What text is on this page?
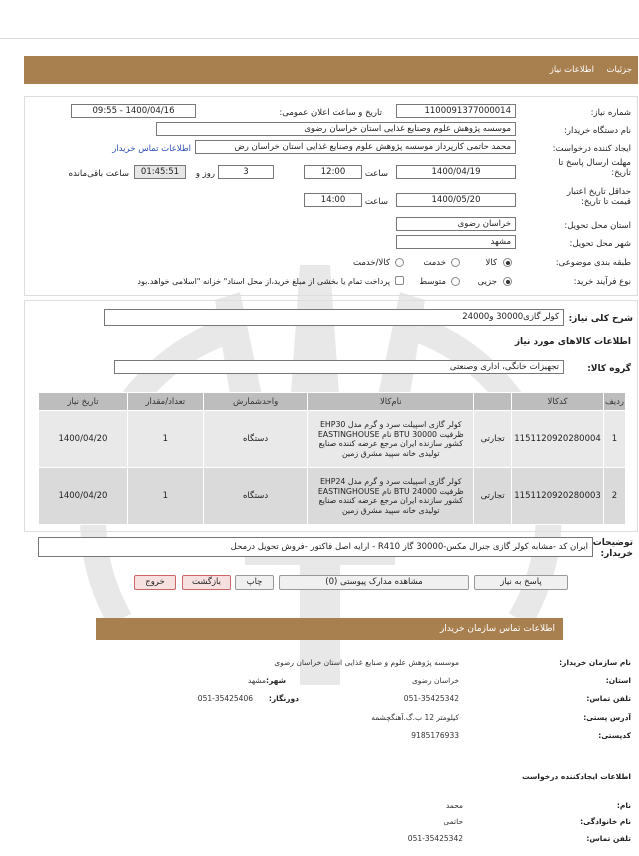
جزئیات
اطلاعات نیاز
شماره نیاز:
1100091377000014
تاریخ و ساعت اعلان عمومی:
1400/04/16 - 09:55
نام دستگاه خریدار:
موسسه پژوهش علوم وصنایع غذایی استان خراسان رضوی
ایجاد کننده درخواست:
محمد حاتمی کارپرداز موسسه پژوهش علوم وصنایع غذایی استان خراسان رض
اطلاعات تماس خریدار
مهلت ارسال پاسخ تا تاریخ:
1400/04/19
ساعت
12:00
3
روز و
01:45:51
ساعت باقی‌مانده
حداقل تاریخ اعتبار قیمت تا تاریخ:
1400/05/20
ساعت
14:00
استان محل تحویل:
خراسان رضوی
شهر محل تحویل:
مشهد
طبقه بندی موضوعی:
کالا
خدمت
کالا/خدمت
نوع فرآیند خرید:
جزیی
متوسط
پرداخت تمام یا بخشی از مبلغ خرید،از محل اسناد" خزانه "اسلامی خواهد.بود
شرح کلی نیاز:
کولر گازی30000 و24000
اطلاعات کالاهای مورد نیاز
گروه کالا:
تجهیزات خانگی، اداری وصنعتی
ردیف	کدکالا		نام‌کالا	واحدشمارش	تعداد/مقدار	تاریخ نیاز
1	1151120920280004	تجارتی	کولر گازی اسپیلت سرد و گرم مدل EHP30 ظرفیت 30000 BTU نام EASTINGHOUSE کشور سازنده ایران مرجع عرضه کننده صنایع تولیدی خانه سپید مشرق زمین	دستگاه	1	1400/04/20
2	1151120920280003	تجارتی	کولر گازی اسپیلت سرد و گرم مدل EHP24 ظرفیت 24000 BTU نام EASTINGHOUSE کشور سازنده ایران مرجع عرضه کننده صنایع تولیدی خانه سپید مشرق زمین	دستگاه	1	1400/04/20
توضیحات خریدار:
ایران کد -مشابه کولر گازی جنرال مکس-30000 گاز R410 - ارایه اصل فاکتور -فروش تحویل درمحل
پاسخ به نیاز
مشاهده مدارک پیوستی (0)
چاپ
بازگشت
خروج
اطلاعات تماس سازمان خریدار
نام سازمان خریدار:
موسسه پژوهش علوم و صنایع غذایی استان خراسان رضوی
استان:
خراسان رضوی
شهر:
مشهد
تلفن تماس:
051-35425342
دورنگار:
051-35425406
آدرس پستی:
کیلومتر 12 ب.گ.آهنگچشمه
کدپستی:
9185176933
اطلاعات ایجادکننده درخواست
نام:
محمد
نام خانوادگی:
حاتمی
تلفن تماس:
051-35425342
